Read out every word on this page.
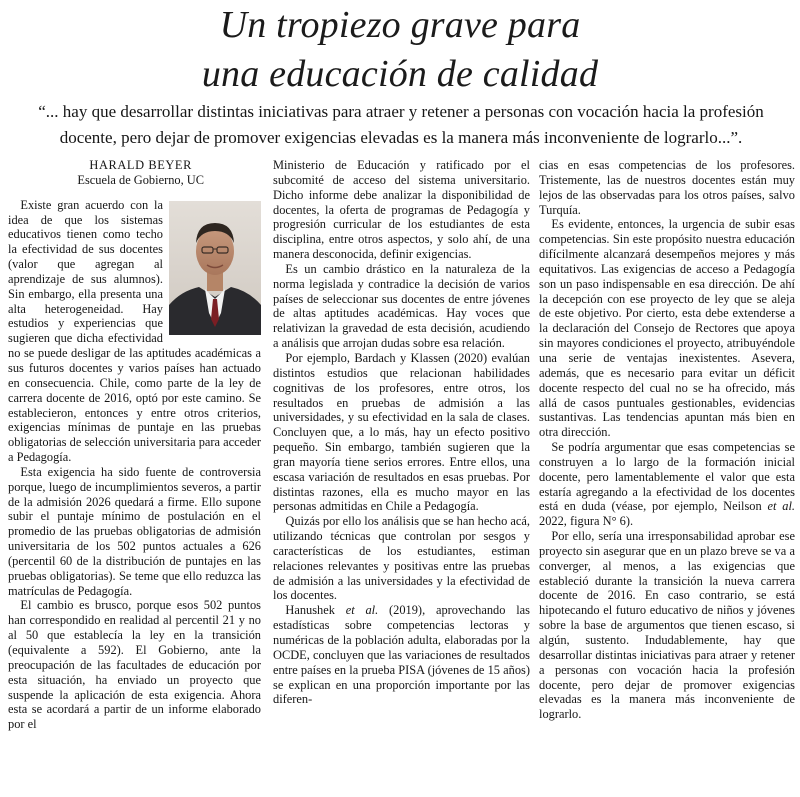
Un tropiezo grave para
una educación de calidad
“... hay que desarrollar distintas iniciativas para atraer y retener a personas con vocación hacia la profesión
docente, pero dejar de promover exigencias elevadas es la manera más inconveniente de lograrlo...”.

HARALD BEYER

Escuela de Gobierno, UC

Existe gran acuerdo con la idea de que los sistemas educativos tienen como techo la efectividad de sus docentes (valor que agregan al aprendizaje de sus alumnos). Sin embargo, ella presenta una alta heterogeneidad. Hay estudios y experiencias que sugieren que dicha efectividad no se puede desligar de las aptitudes académicas a sus futuros docentes y varios países han actuado en consecuencia. Chile, como parte de la ley de carrera docente de 2016, optó por este camino. Se establecieron, entonces y entre otros criterios, exigencias mínimas de puntaje en las pruebas obligatorias de selección universitaria para acceder a Pedagogía.

Esta exigencia ha sido fuente de controversia porque, luego de incumplimientos severos, a partir de la admisión 2026 quedará a firme. Ello supone subir el puntaje mínimo de postulación en el promedio de las pruebas obligatorias de admisión universitaria de los 502 puntos actuales a 626 (percentil 60 de la distribución de puntajes en las pruebas obligatorias). Se teme que ello reduzca las matrículas de Pedagogía.

El cambio es brusco, porque esos 502 puntos han correspondido en realidad al percentil 21 y no al 50 que establecía la ley en la transición (equivalente a 592). El Gobierno, ante la preocupación de las facultades de educación por esta situación, ha enviado un proyecto que suspende la aplicación de esta exigencia. Ahora esta se acordará a partir de un informe elaborado por el

Ministerio de Educación y ratificado por el subcomité de acceso del sistema universitario. Dicho informe debe analizar la disponibilidad de docentes, la oferta de programas de Pedagogía y progresión curricular de los estudiantes de esta disciplina, entre otros aspectos, y solo ahí, de una manera desconocida, definir exigencias.

Es un cambio drástico en la naturaleza de la norma legislada y contradice la decisión de varios países de seleccionar sus docentes de entre jóvenes de altas aptitudes académicas. Hay voces que relativizan la gravedad de esta decisión, acudiendo a análisis que arrojan dudas sobre esa relación.

Por ejemplo, Bardach y Klassen (2020) evalúan distintos estudios que relacionan habilidades cognitivas de los profesores, entre otros, los resultados en pruebas de admisión a las universidades, y su efectividad en la sala de clases. Concluyen que, a lo más, hay un efecto positivo pequeño. Sin embargo, también sugieren que la gran mayoría tiene serios errores. Entre ellos, una escasa variación de resultados en esas pruebas. Por distintas razones, ella es mucho mayor en las personas admitidas en Chile a Pedagogía.

Quizás por ello los análisis que se han hecho acá, utilizando técnicas que controlan por sesgos y características de los estudiantes, estiman relaciones relevantes y positivas entre las pruebas de admisión a las universidades y la efectividad de los docentes.

Hanushek et al. (2019), aprovechando las estadísticas sobre competencias lectoras y numéricas de la población adulta, elaboradas por la OCDE, concluyen que las variaciones de resultados entre países en la prueba PISA (jóvenes de 15 años) se explican en una proporción importante por las diferen-

cias en esas competencias de los profesores. Tristemente, las de nuestros docentes están muy lejos de las observadas para los otros países, salvo Turquía.

Es evidente, entonces, la urgencia de subir esas competencias. Sin este propósito nuestra educación difícilmente alcanzará desempeños mejores y más equitativos. Las exigencias de acceso a Pedagogía son un paso indispensable en esa dirección. De ahí la decepción con ese proyecto de ley que se aleja de este objetivo. Por cierto, esta debe extenderse a la declaración del Consejo de Rectores que apoya sin mayores condiciones el proyecto, atribuyéndole una serie de ventajas inexistentes. Asevera, además, que es necesario para evitar un déficit docente respecto del cual no se ha ofrecido, más allá de casos puntuales gestionables, evidencias sustantivas. Las tendencias apuntan más bien en otra dirección.

Se podría argumentar que esas competencias se construyen a lo largo de la formación inicial docente, pero lamentablemente el valor que esta estaría agregando a la efectividad de los docentes está en duda (véase, por ejemplo, Neilson et al. 2022, figura N° 6).

Por ello, sería una irresponsabilidad aprobar ese proyecto sin asegurar que en un plazo breve se va a converger, al menos, a las exigencias que estableció durante la transición la nueva carrera docente de 2016. En caso contrario, se está hipotecando el futuro educativo de niños y jóvenes sobre la base de argumentos que tienen escaso, si algún, sustento. Indudablemente, hay que desarrollar distintas iniciativas para atraer y retener a personas con vocación hacia la profesión docente, pero dejar de promover exigencias elevadas es la manera más inconveniente de lograrlo.
